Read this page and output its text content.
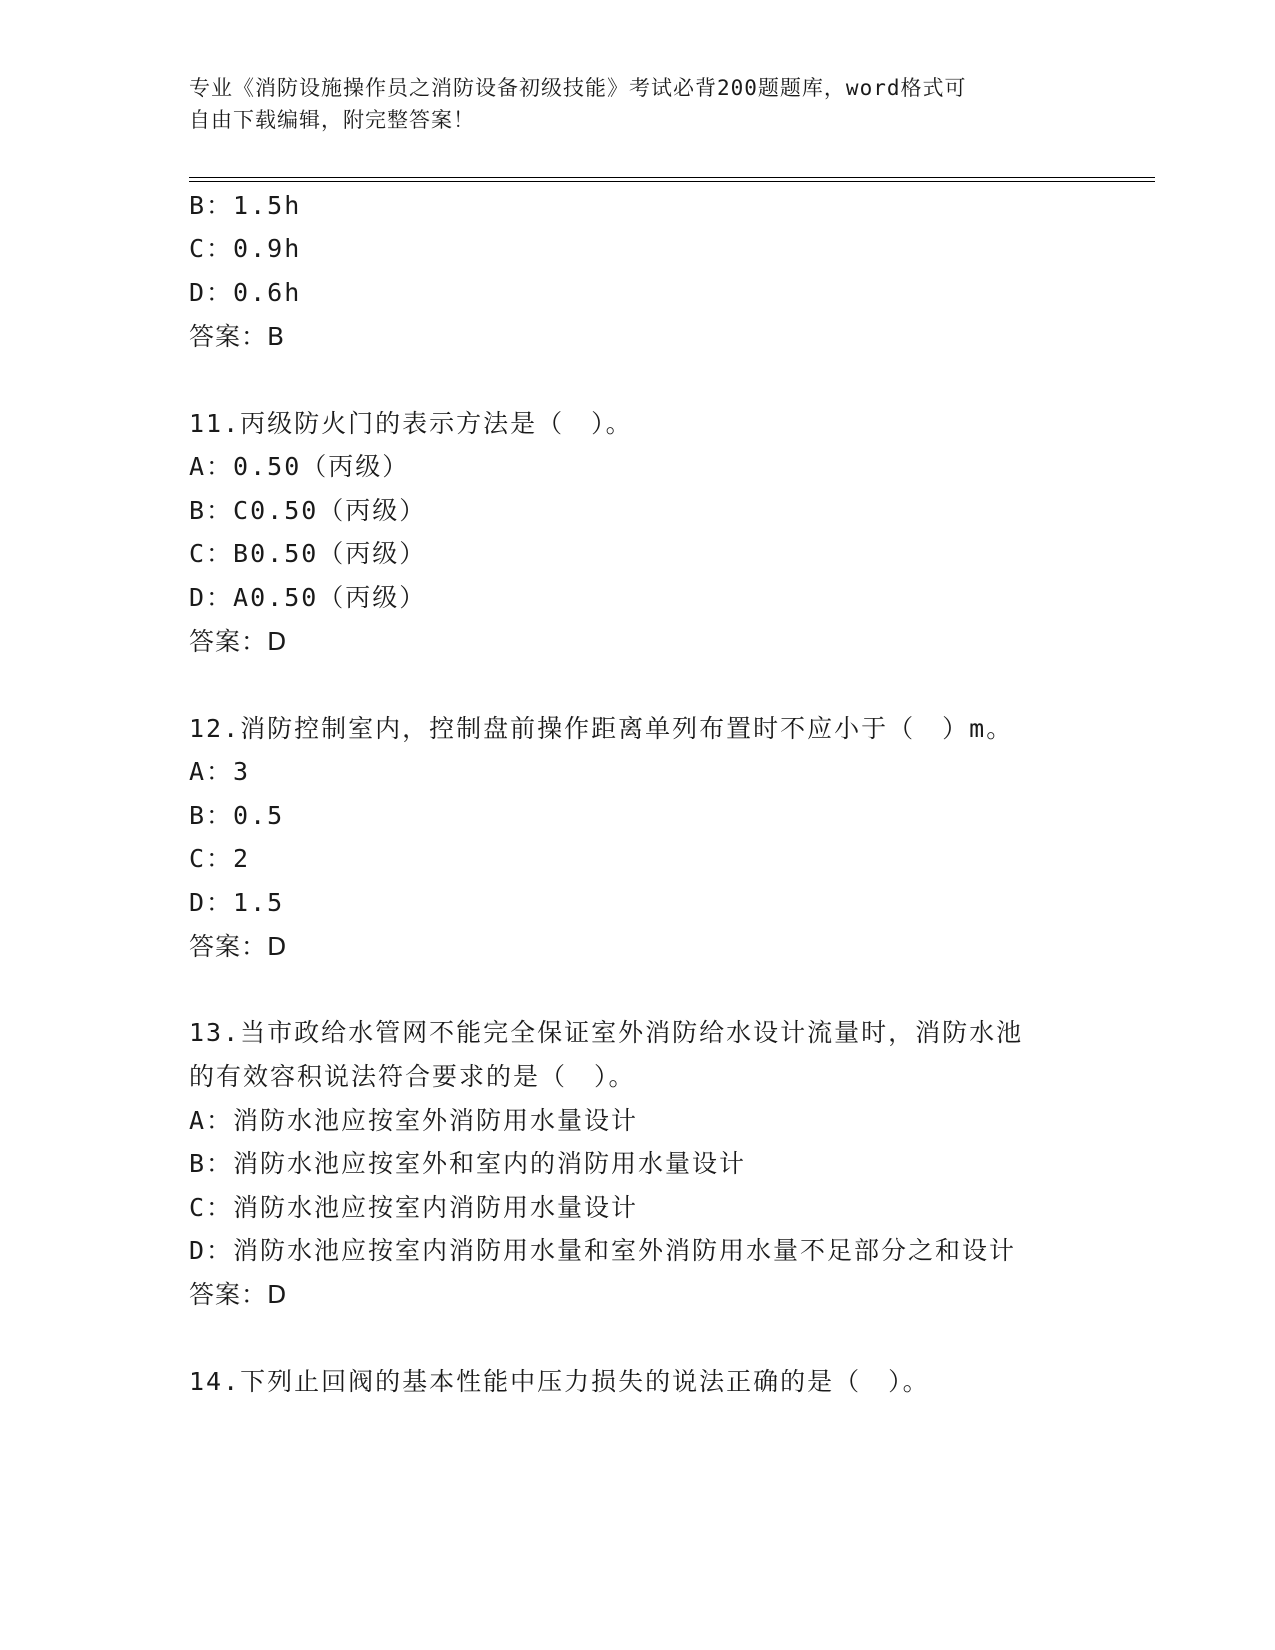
专业《消防设施操作员之消防设备初级技能》考试必背200题题库，word格式可
自由下载编辑，附完整答案！
B：1.5h
C：0.9h
D：0.6h
答案：B
11.丙级防火门的表示方法是（　）。
A：0.50（丙级）
B：C0.50（丙级）
C：B0.50（丙级）
D：A0.50（丙级）
答案：D
12.消防控制室内，控制盘前操作距离单列布置时不应小于（　）m。
A：3
B：0.5
C：2
D：1.5
答案：D
13.当市政给水管网不能完全保证室外消防给水设计流量时，消防水池
的有效容积说法符合要求的是（　）。
A：消防水池应按室外消防用水量设计
B：消防水池应按室外和室内的消防用水量设计
C：消防水池应按室内消防用水量设计
D：消防水池应按室内消防用水量和室外消防用水量不足部分之和设计
答案：D
14.下列止回阀的基本性能中压力损失的说法正确的是（　）。
